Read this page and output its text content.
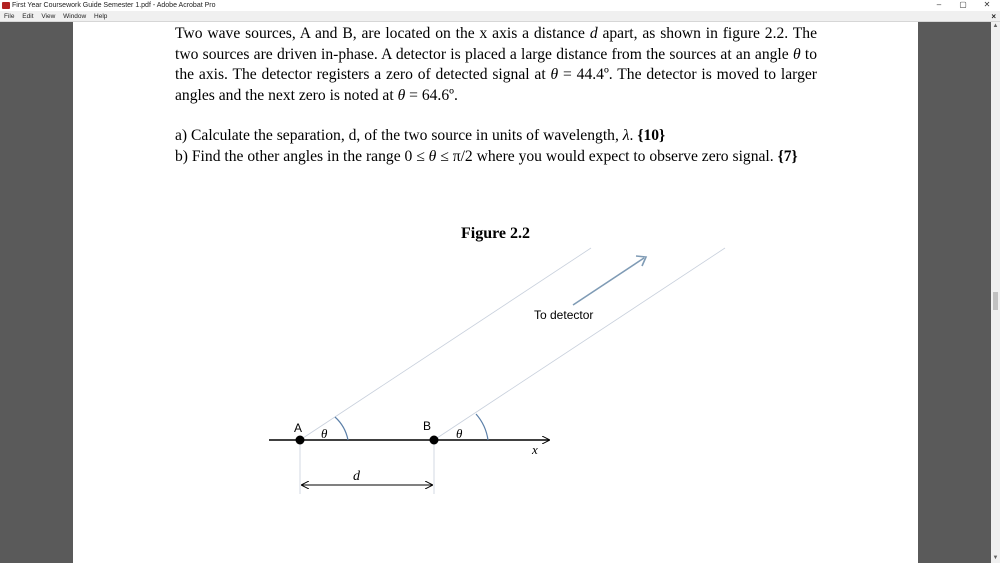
First Year Coursework Guide Semester 1.pdf - Adobe Acrobat Pro	–	▢	✕
File Edit View Window Help	×

Two wave sources, A and B, are located on the x axis a distance d apart, as shown in figure 2.2. The two sources are driven in-phase. A detector is placed a large distance from the sources at an angle θ to the axis. The detector registers a zero of detected signal at θ = 44.4º. The detector is moved to larger angles and the next zero is noted at θ = 64.6º.

a) Calculate the separation, d, of the two source in units of wavelength, λ. {10}

b) Find the other angles in the range 0 ≤ θ ≤ π/2 where you would expect to observe zero signal. {7}

Figure 2.2

A	B
θ	θ
x
d
To detector
▲
▼
